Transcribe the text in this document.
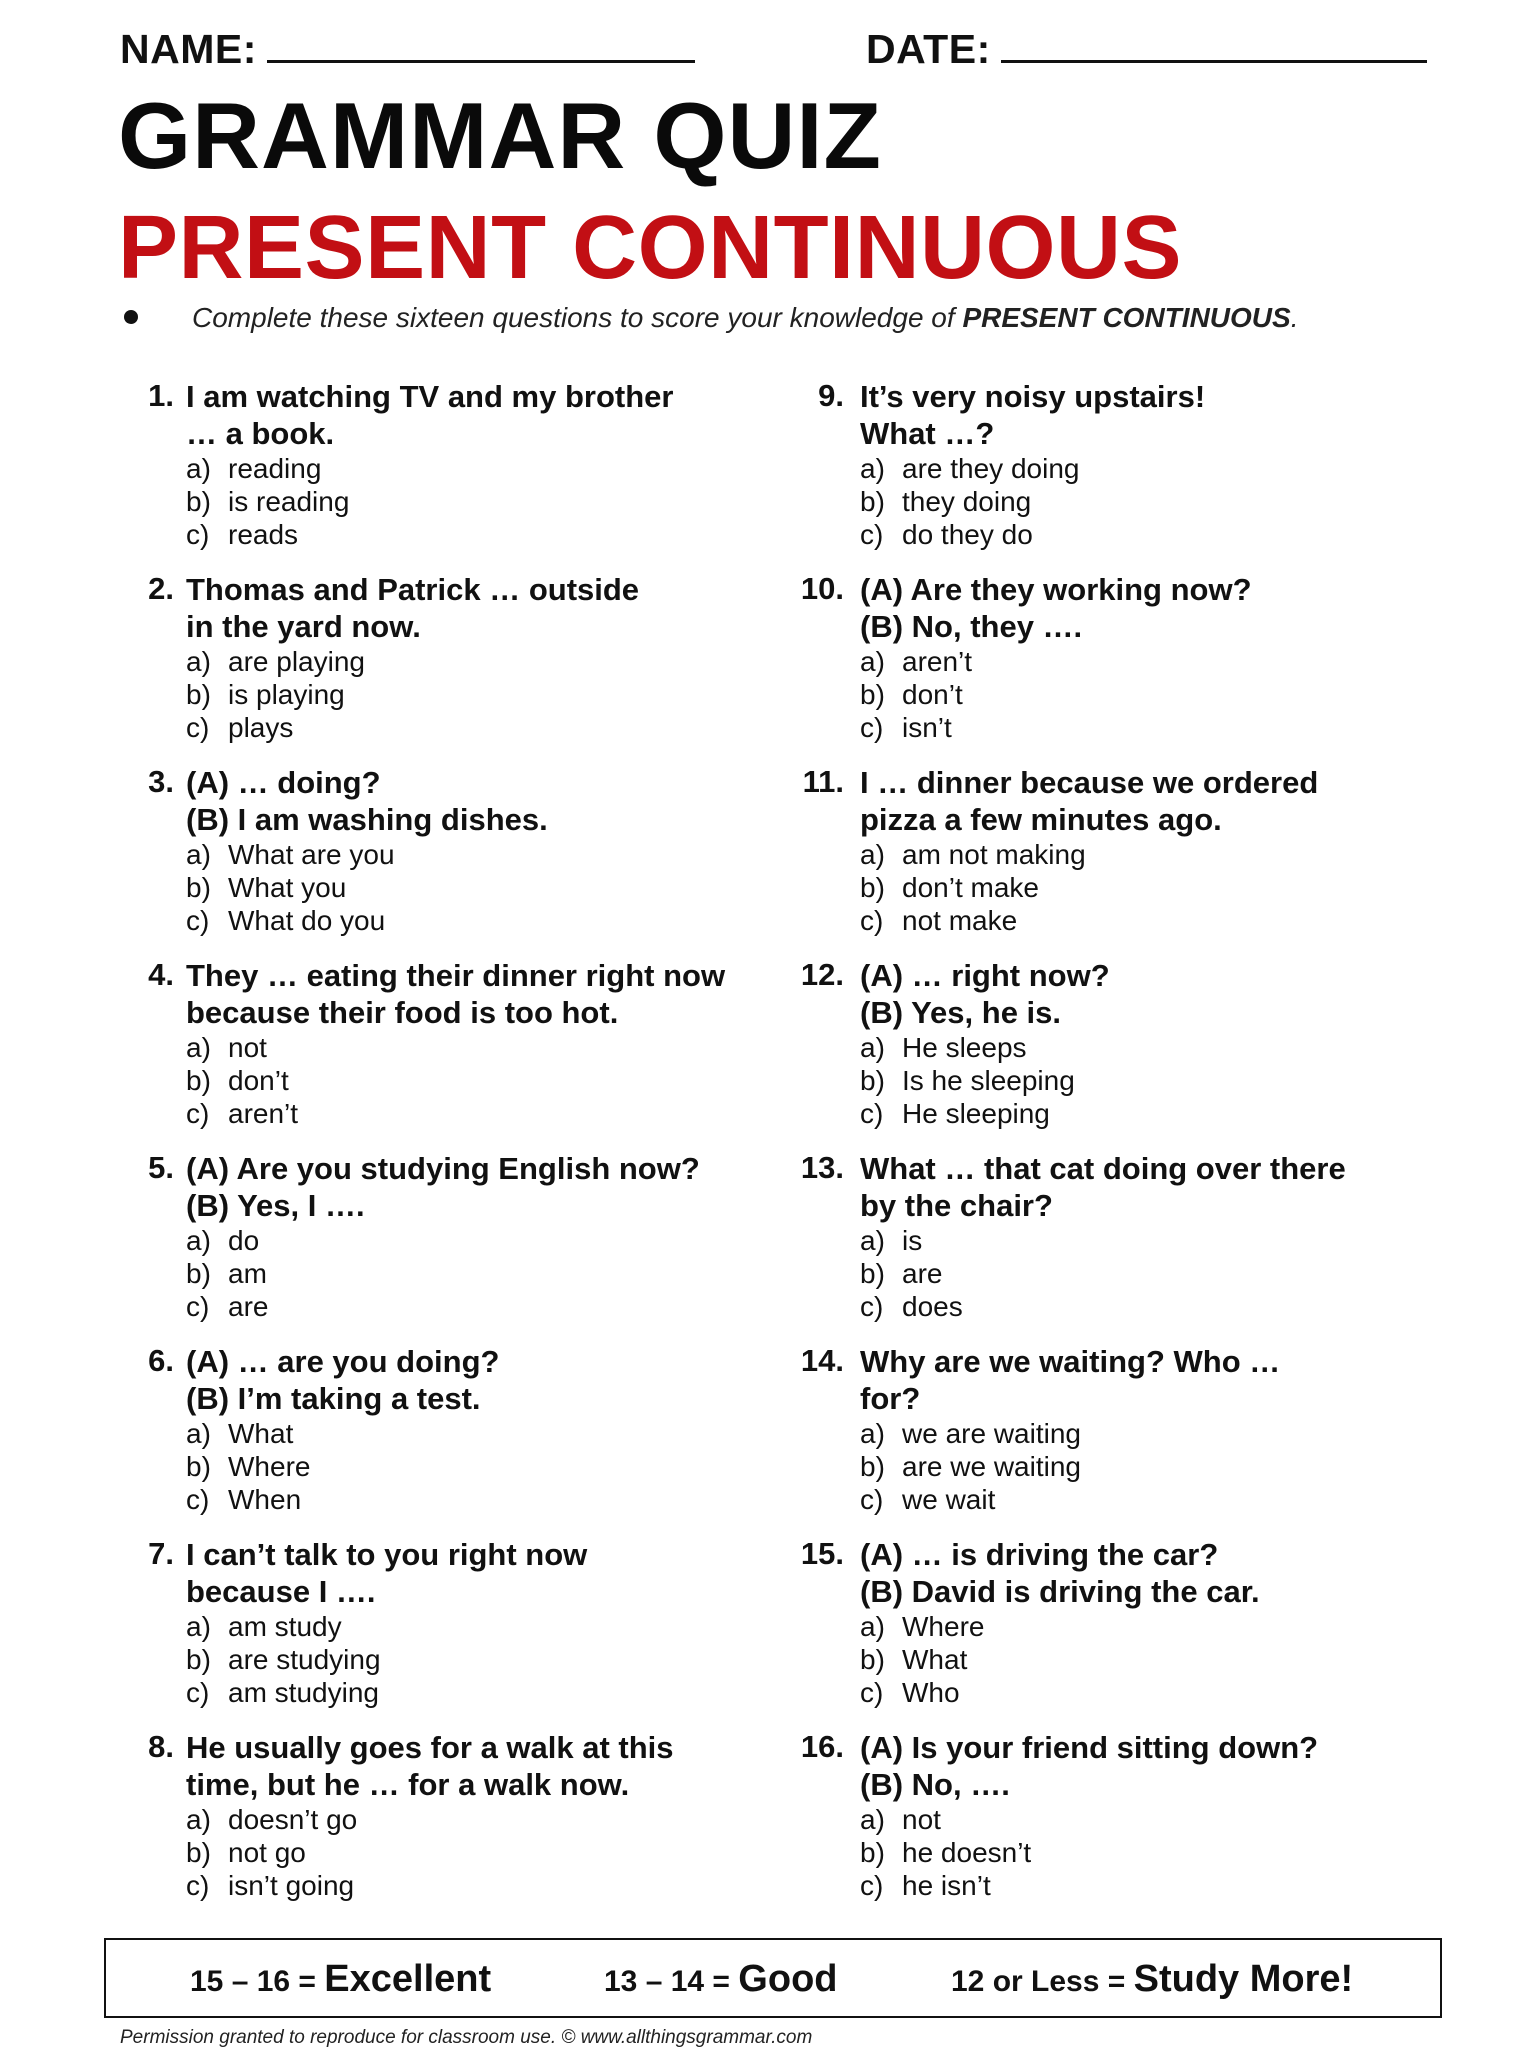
NAME:	DATE:
GRAMMAR QUIZ
PRESENT CONTINUOUS
Complete these sixteen questions to score your knowledge of PRESENT CONTINUOUS.
1. I am watching TV and my brother
… a book.
a) reading
b) is reading
c) reads
2. Thomas and Patrick … outside
in the yard now.
a) are playing
b) is playing
c) plays
3. (A) … doing?
(B) I am washing dishes.
a) What are you
b) What you
c) What do you
4. They … eating their dinner right now
because their food is too hot.
a) not
b) don’t
c) aren’t
5. (A) Are you studying English now?
(B) Yes, I ….
a) do
b) am
c) are
6. (A) … are you doing?
(B) I’m taking a test.
a) What
b) Where
c) When
7. I can’t talk to you right now
because I ….
a) am study
b) are studying
c) am studying
8. He usually goes for a walk at this
time, but he … for a walk now.
a) doesn’t go
b) not go
c) isn’t going
9. It’s very noisy upstairs!
What …?
a) are they doing
b) they doing
c) do they do
10. (A) Are they working now?
(B) No, they ….
a) aren’t
b) don’t
c) isn’t
11. I … dinner because we ordered
pizza a few minutes ago.
a) am not making
b) don’t make
c) not make
12. (A) … right now?
(B) Yes, he is.
a) He sleeps
b) Is he sleeping
c) He sleeping
13. What … that cat doing over there
by the chair?
a) is
b) are
c) does
14. Why are we waiting? Who …
for?
a) we are waiting
b) are we waiting
c) we wait
15. (A) … is driving the car?
(B) David is driving the car.
a) Where
b) What
c) Who
16. (A) Is your friend sitting down?
(B) No, ….
a) not
b) he doesn’t
c) he isn’t
15 – 16 = Excellent	13 – 14 = Good	12 or Less = Study More!
Permission granted to reproduce for classroom use. © www.allthingsgrammar.com
